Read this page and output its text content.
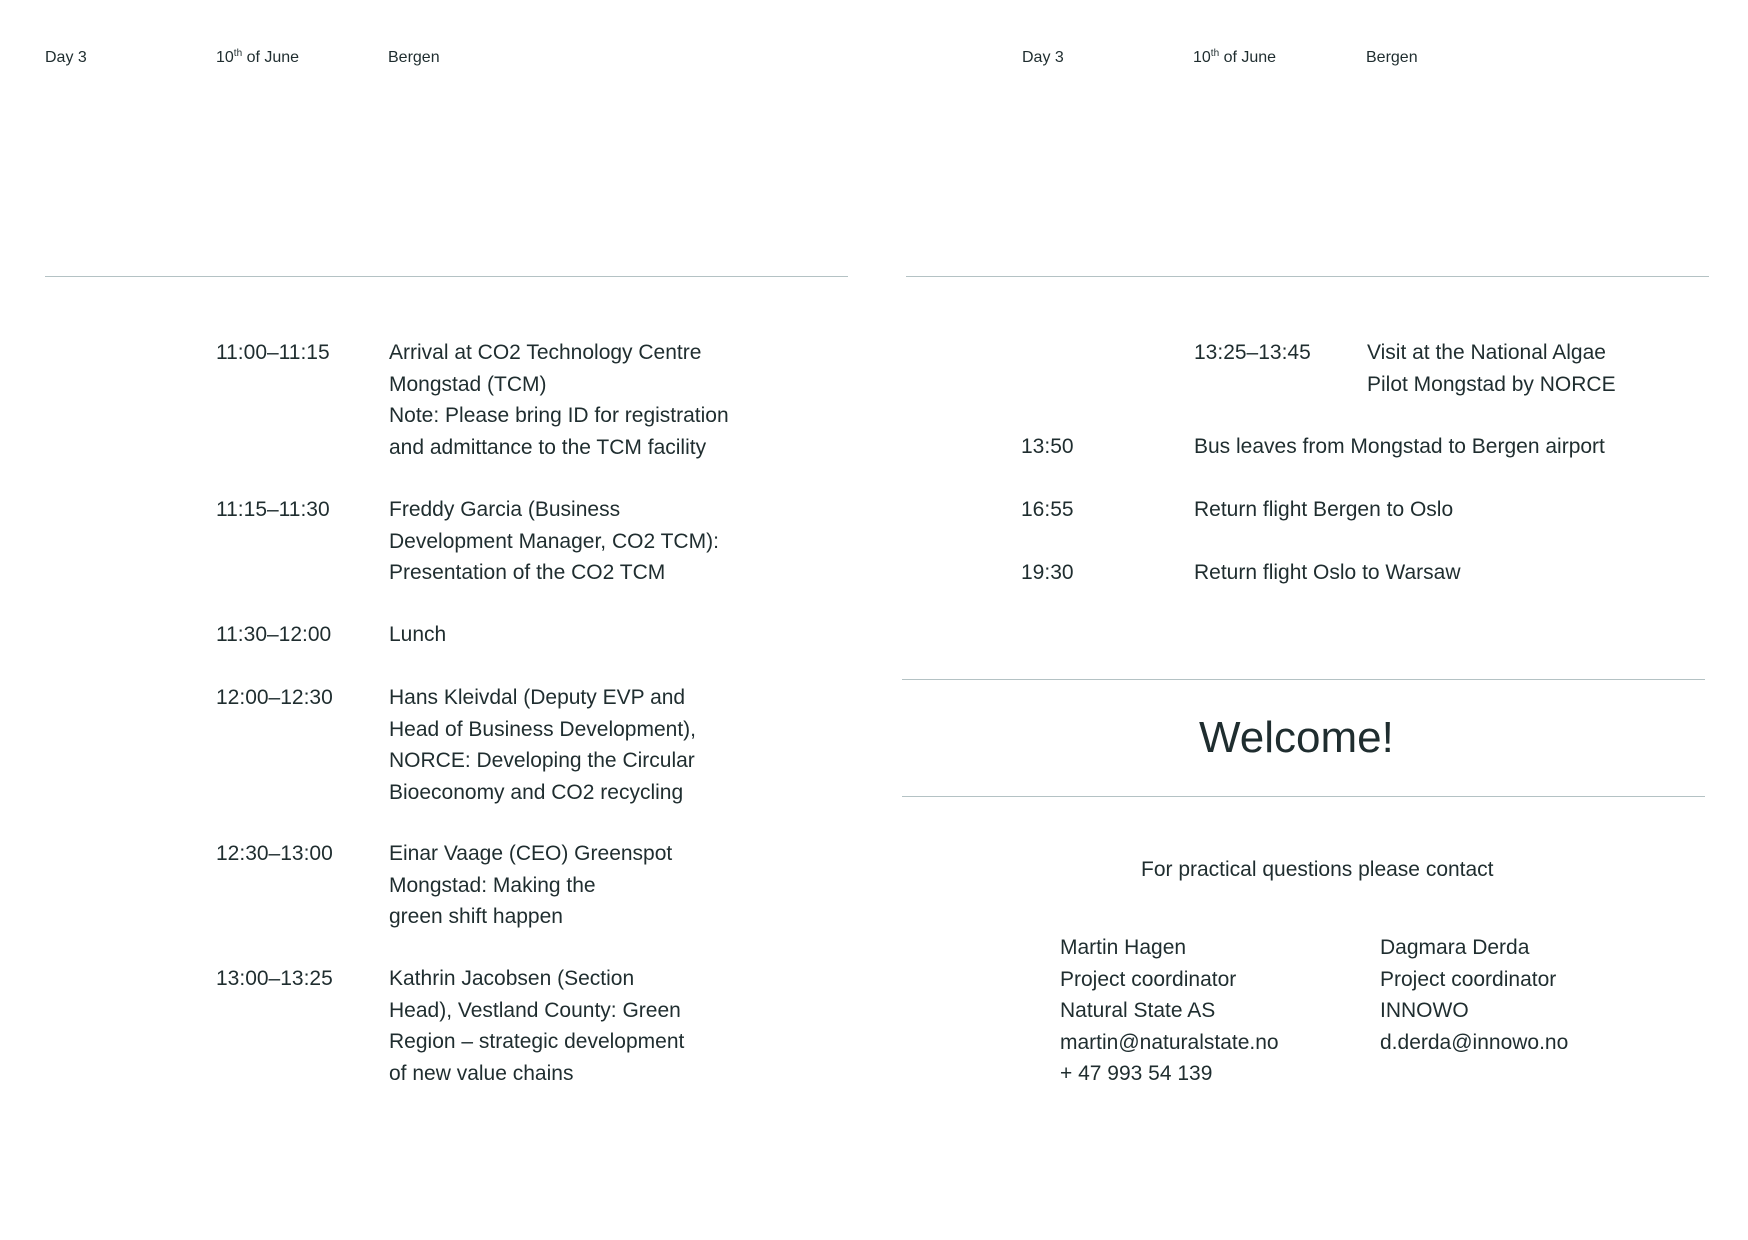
Day 3	10th of June	Bergen	Day 3	10th of June	Bergen
11:00–11:15	Arrival at CO2 Technology Centre
Mongstad (TCM)
Note: Please bring ID for registration
and admittance to the TCM facility
11:15–11:30	Freddy Garcia (Business
Development Manager, CO2 TCM):
Presentation of the CO2 TCM
11:30–12:00	Lunch
12:00–12:30	Hans Kleivdal (Deputy EVP and
Head of Business Development),
NORCE: Developing the Circular
Bioeconomy and CO2 recycling
12:30–13:00	Einar Vaage (CEO) Greenspot
Mongstad: Making the
green shift happen
13:00–13:25	Kathrin Jacobsen (Section
Head), Vestland County: Green
Region – strategic development
of new value chains
13:25–13:45	Visit at the National Algae
Pilot Mongstad by NORCE
13:50	Bus leaves from Mongstad to Bergen airport
16:55	Return flight Bergen to Oslo
19:30	Return flight Oslo to Warsaw
Welcome!
For practical questions please contact
Martin Hagen
Project coordinator
Natural State AS
martin@naturalstate.no
+ 47 993 54 139
Dagmara Derda
Project coordinator
INNOWO
d.derda@innowo.no
